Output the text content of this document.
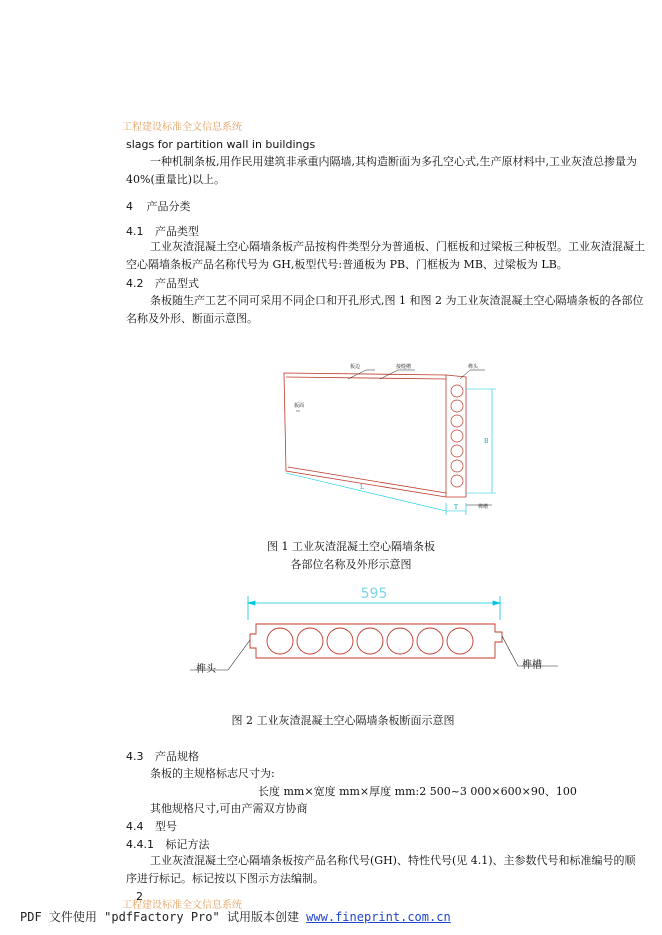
工程建设标准全文信息系统
slags for partition wall in buildings
一种机制条板,用作民用建筑非承重内隔墙,其构造断面为多孔空心式,生产原材料中,工业灰渣总掺量为 40%(重量比)以上。
4 产品分类
4.1 产品类型
工业灰渣混凝土空心隔墙条板产品按构件类型分为普通板、门框板和过梁板三种板型。工业灰渣混凝土空心隔墙条板产品名称代号为 GH,板型代号:普通板为 PB、门框板为 MB、过梁板为 LB。
4.2 产品型式
条板随生产工艺不同可采用不同企口和开孔形式,图 1 和图 2 为工业灰渣混凝土空心隔墙条板的各部位名称及外形、断面示意图。
板边	接缝槽	榫头
板面
榫槽
L
B
T
图 1 工业灰渣混凝土空心隔墙条板
各部位名称及外形示意图
595
榫头	榫槽
图 2 工业灰渣混凝土空心隔墙条板断面示意图
4.3 产品规格
条板的主规格标志尺寸为:
长度 mm×宽度 mm×厚度 mm:2 500~3 000×600×90、100
其他规格尺寸,可由产需双方协商
4.4 型号
4.4.1 标记方法
工业灰渣混凝土空心隔墙条板按产品名称代号(GH)、特性代号(见 4.1)、主参数代号和标准编号的顺序进行标记。标记按以下图示方法编制。
2
工程建设标准全文信息系统
PDF 文件使用 "pdfFactory Pro" 试用版本创建 www.fineprint.com.cn
